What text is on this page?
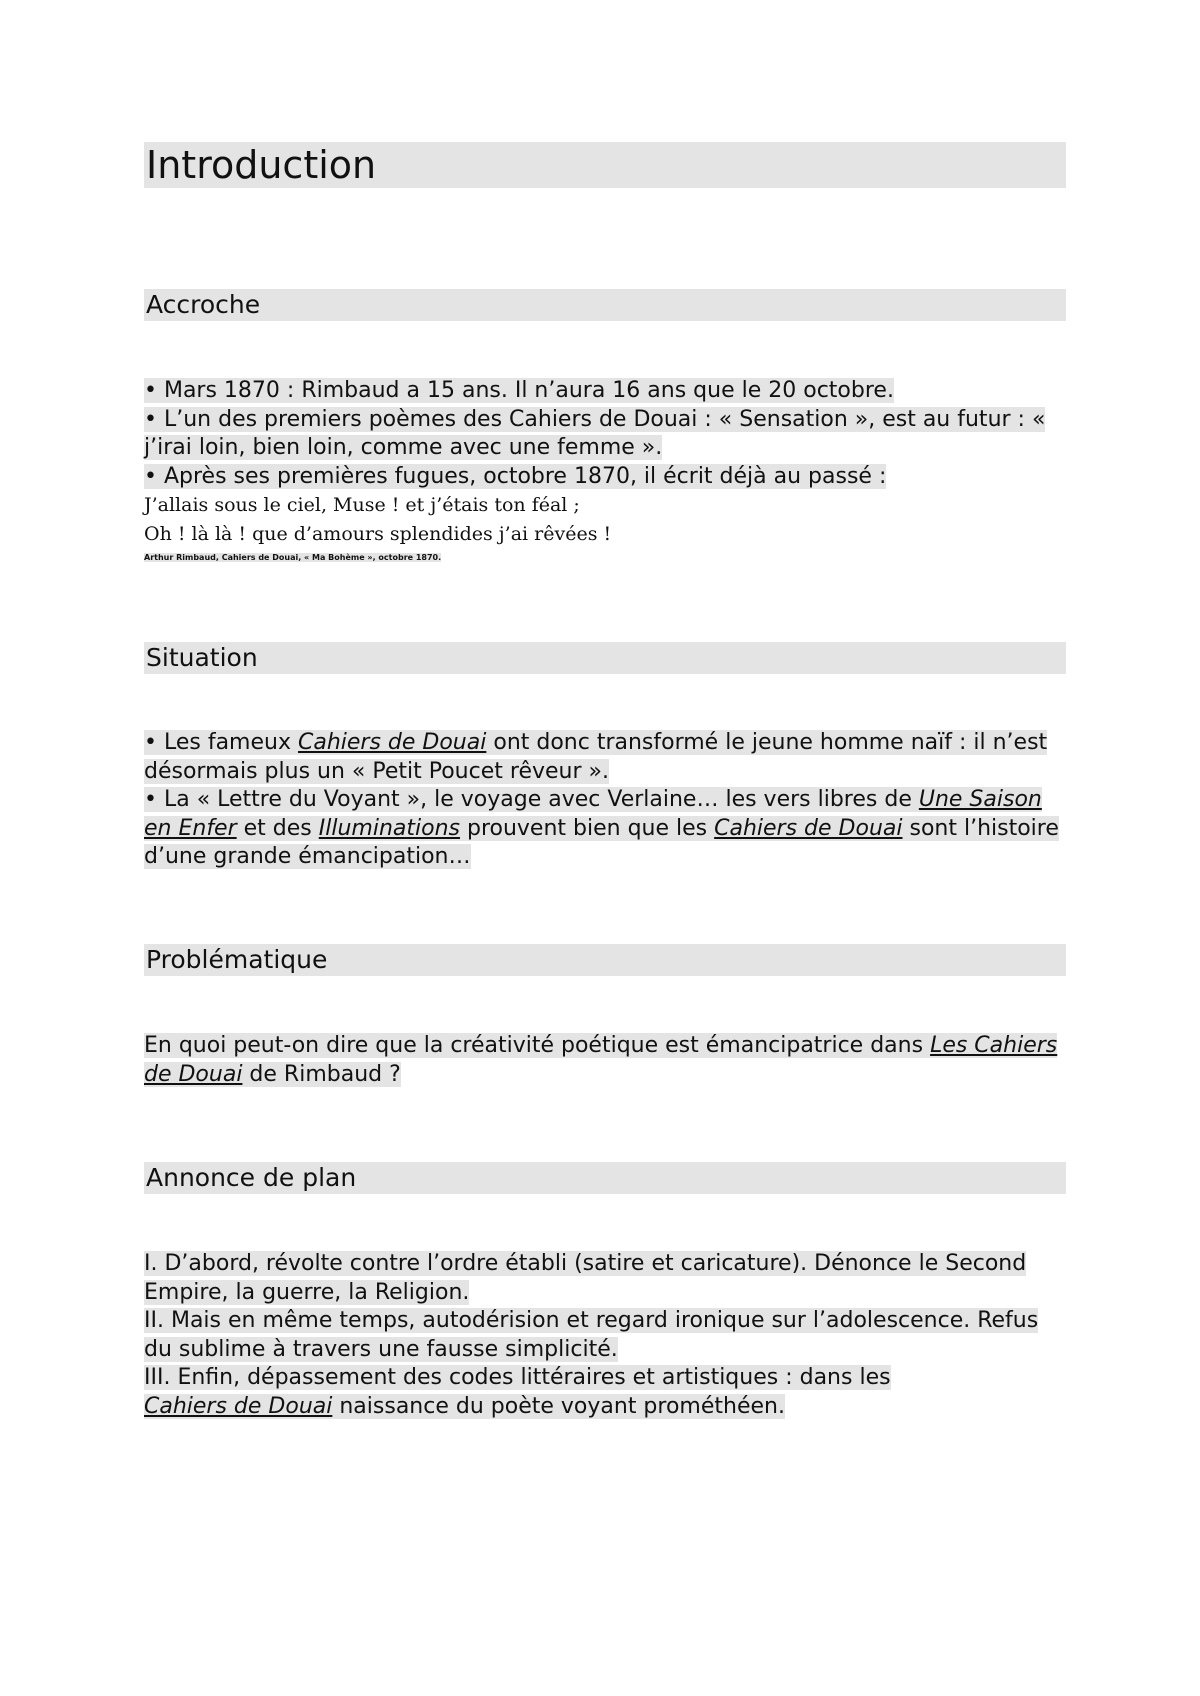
Introduction
Accroche

• Mars 1870 : Rimbaud a 15 ans. Il n’aura 16 ans que le 20 octobre.

• L’un des premiers poèmes des Cahiers de Douai : « Sensation », est au futur : « j’irai loin, bien loin, comme avec une femme ».

• Après ses premières fugues, octobre 1870, il écrit déjà au passé :

J’allais sous le ciel, Muse ! et j’étais ton féal ;

Oh ! là là ! que d’amours splendides j’ai rêvées !

Arthur Rimbaud, Cahiers de Douai, « Ma Bohème », octobre 1870.

Situation

• Les fameux Cahiers de Douai ont donc transformé le jeune homme naïf : il n’est désormais plus un « Petit Poucet rêveur ».

• La « Lettre du Voyant », le voyage avec Verlaine… les vers libres de Une Saison en Enfer et des Illuminations prouvent bien que les Cahiers de Douai sont l’histoire d’une grande émancipation…

Problématique

En quoi peut-on dire que la créativité poétique est émancipatrice dans Les Cahiers de Douai de Rimbaud ?

Annonce de plan

I. D’abord, révolte contre l’ordre établi (satire et caricature). Dénonce le Second Empire, la guerre, la Religion.

II. Mais en même temps, autodérision et regard ironique sur l’adolescence. Refus du sublime à travers une fausse simplicité.

III. Enfin, dépassement des codes littéraires et artistiques : dans les Cahiers de Douai naissance du poète voyant prométhéen.
